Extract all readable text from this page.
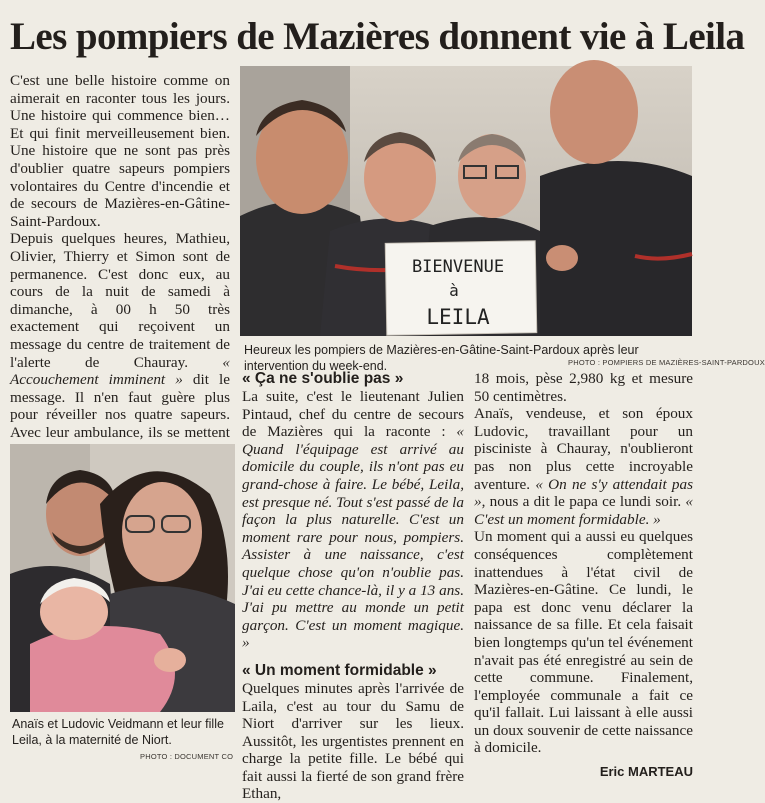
Les pompiers de Mazières donnent vie à Leila

C'est une belle histoire comme on aimerait en raconter tous les jours. Une histoire qui commence bien… Et qui finit merveilleusement bien. Une histoire que ne sont pas près d'oublier quatre sapeurs pompiers volontaires du Centre d'incendie et de secours de Mazières-en-Gâtine-Saint-Pardoux.

Depuis quelques heures, Mathieu, Olivier, Thierry et Simon sont de permanence. C'est donc eux, au cours de la nuit de samedi à dimanche, à 00 h 50 très exactement qui reçoivent un message du centre de traitement de l'alerte de Chauray. « Accouchement imminent » dit le message. Il n'en faut guère plus pour réveiller nos quatre sapeurs. Avec leur ambulance, ils se mettent

BIENVENUE
à
LEILA
Heureux les pompiers de Mazières-en-Gâtine-Saint-Pardoux après leur intervention du week-end.	PHOTO : POMPIERS DE MAZIÈRES-SAINT-PARDOUX
Anaïs et Ludovic Veidmann et leur fille Leila, à la maternité de Niort.
PHOTO : DOCUMENT CO

« Ça ne s'oublie pas »

La suite, c'est le lieutenant Julien Pintaud, chef du centre de secours de Mazières qui la raconte : « Quand l'équipage est arrivé au domicile du couple, ils n'ont pas eu grand-chose à faire. Le bébé, Leila, est presque né. Tout s'est passé de la façon la plus naturelle. C'est un moment rare pour nous, pompiers. Assister à une naissance, c'est quelque chose qu'on n'oublie pas. J'ai eu cette chance-là, il y a 13 ans. J'ai pu mettre au monde un petit garçon. C'est un moment magique. »

« Un moment formidable »

Quelques minutes après l'arrivée de Laila, c'est au tour du Samu de Niort d'arriver sur les lieux. Aussitôt, les urgentistes prennent en charge la petite fille. Le bébé qui fait aussi la fierté de son grand frère Ethan,

18 mois, pèse 2,980 kg et mesure 50 centimètres.

Anaïs, vendeuse, et son époux Ludovic, travaillant pour un pisciniste à Chauray, n'oublieront pas non plus cette incroyable aventure. « On ne s'y attendait pas », nous a dit le papa ce lundi soir. « C'est un moment formidable. »

Un moment qui a aussi eu quelques conséquences complètement inattendues à l'état civil de Mazières-en-Gâtine. Ce lundi, le papa est donc venu déclarer la naissance de sa fille. Et cela faisait bien longtemps qu'un tel événement n'avait pas été enregistré au sein de cette commune. Finalement, l'employée communale a fait ce qu'il fallait. Lui laissant à elle aussi un doux souvenir de cette naissance à domicile.

Eric MARTEAU
